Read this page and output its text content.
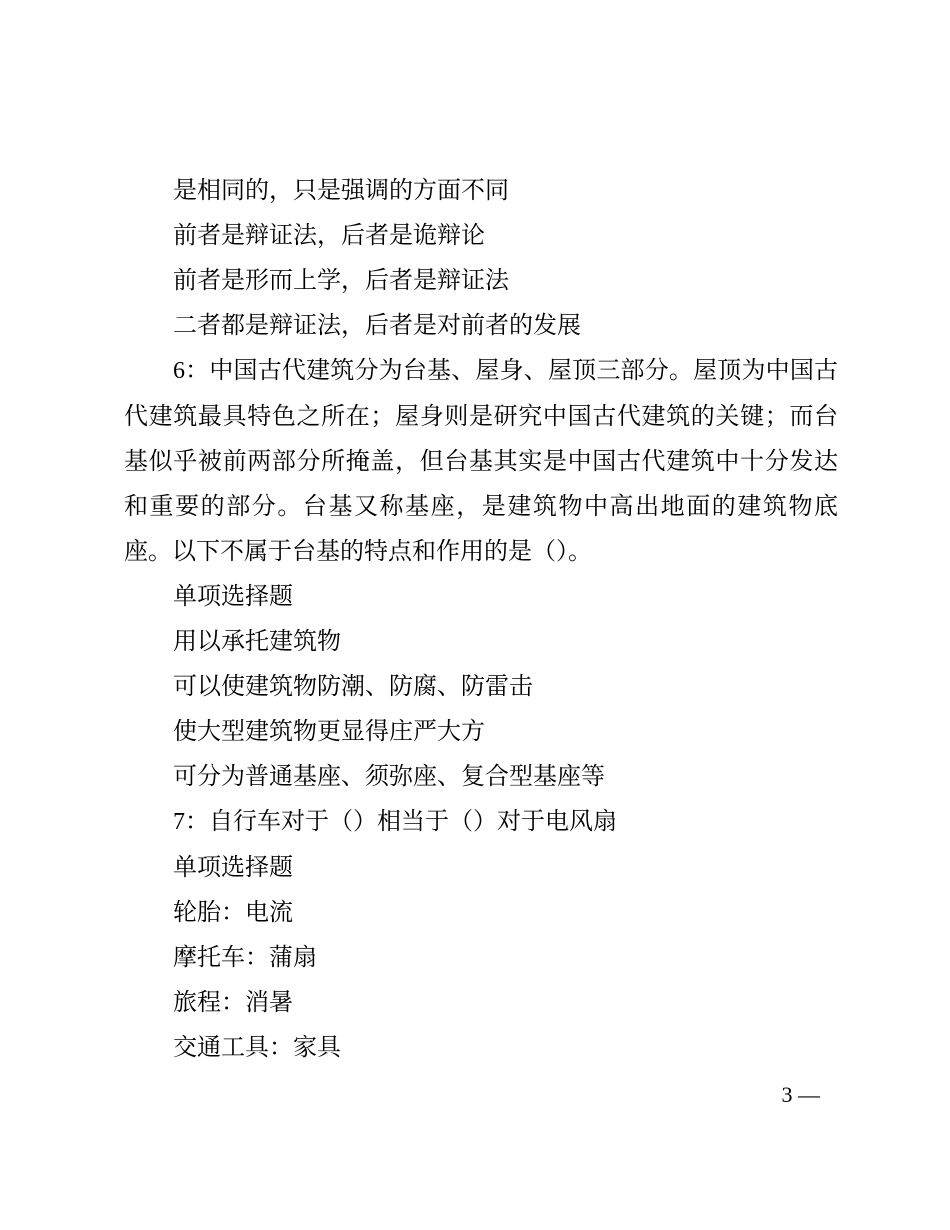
是相同的，只是强调的方面不同

前者是辩证法，后者是诡辩论

前者是形而上学，后者是辩证法

二者都是辩证法，后者是对前者的发展

6：中国古代建筑分为台基、屋身、屋顶三部分。屋顶为中国古代建筑最具特色之所在；屋身则是研究中国古代建筑的关键；而台基似乎被前两部分所掩盖，但台基其实是中国古代建筑中十分发达和重要的部分。台基又称基座，是建筑物中高出地面的建筑物底座。以下不属于台基的特点和作用的是（）。

单项选择题

用以承托建筑物

可以使建筑物防潮、防腐、防雷击

使大型建筑物更显得庄严大方

可分为普通基座、须弥座、复合型基座等

7：自行车对于（）相当于（）对于电风扇

单项选择题

轮胎：电流

摩托车：蒲扇

旅程：消暑

交通工具：家具

3 —
